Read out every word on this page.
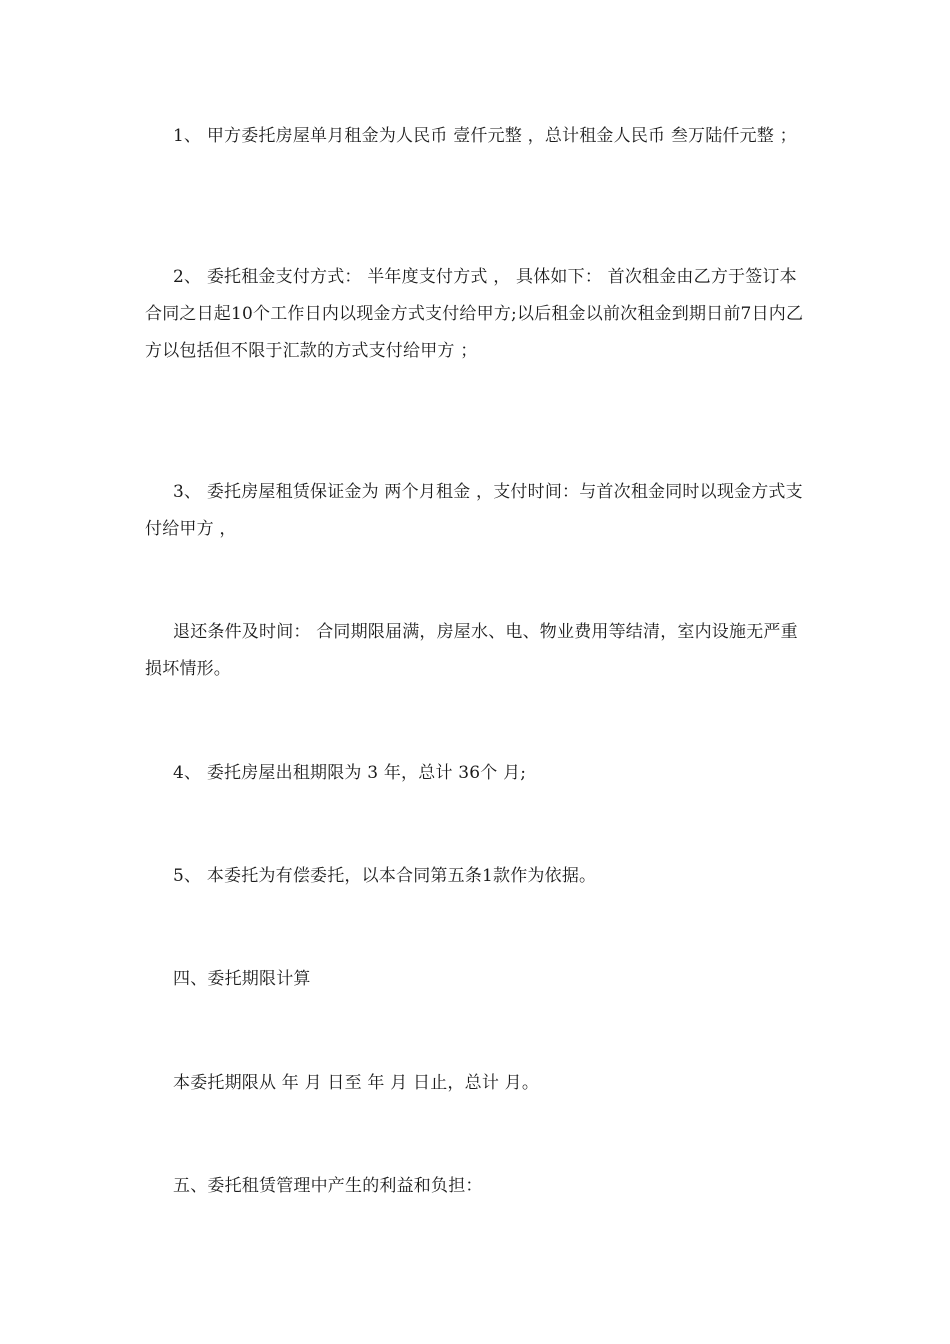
1、 甲方委托房屋单月租金为人民币 壹仟元整 ，总计租金人民币 叁万陆仟元整 ；

2、 委托租金支付方式： 半年度支付方式 ， 具体如下： 首次租金由乙方于签订本合同之日起10个工作日内以现金方式支付给甲方;以后租金以前次租金到期日前7日内乙方以包括但不限于汇款的方式支付给甲方 ；

3、 委托房屋租赁保证金为 两个月租金 ，支付时间：与首次租金同时以现金方式支付给甲方 ，

退还条件及时间： 合同期限届满，房屋水、电、物业费用等结清，室内设施无严重损坏情形。

4、 委托房屋出租期限为 3 年，总计 36个 月;

5、 本委托为有偿委托，以本合同第五条1款作为依据。

四、委托期限计算

本委托期限从 年 月 日至 年 月 日止，总计 月。

五、委托租赁管理中产生的利益和负担：
